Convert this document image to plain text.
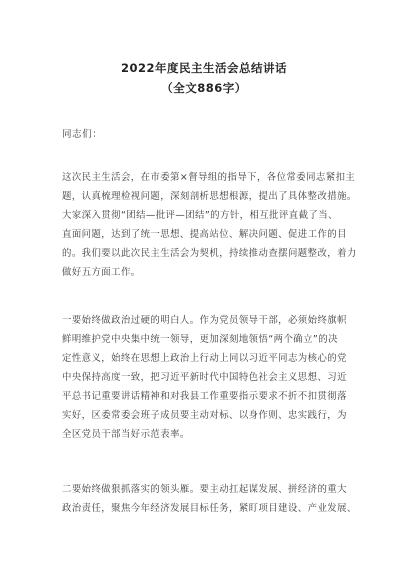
2022年度民主生活会总结讲话
（全文886字）
同志们：
这次民主生活会，在市委第×督导组的指导下，各位常委同志紧扣主
题，认真梳理检视问题，深刻剖析思想根源，提出了具体整改措施。
大家深入贯彻“团结—批评—团结”的方针，相互批评直截了当、
直面问题，达到了统一思想、提高站位、解决问题、促进工作的目
的。我们要以此次民主生活会为契机，持续推动查摆问题整改，着力
做好五方面工作。
一要始终做政治过硬的明白人。作为党员领导干部，必须始终旗帜
鲜明维护党中央集中统一领导，更加深刻地领悟“两个确立”的决
定性意义，始终在思想上政治上行动上同以习近平同志为核心的党
中央保持高度一致，把习近平新时代中国特色社会主义思想、习近
平总书记重要讲话精神和对我县工作重要指示要求不折不扣贯彻落
实好，区委常委会班子成员要主动对标、以身作则、忠实践行，为
全区党员干部当好示范表率。
二要始终做狠抓落实的领头雁。要主动扛起谋发展、拼经济的重大
政治责任，聚焦今年经济发展目标任务，紧盯项目建设、产业发展、
